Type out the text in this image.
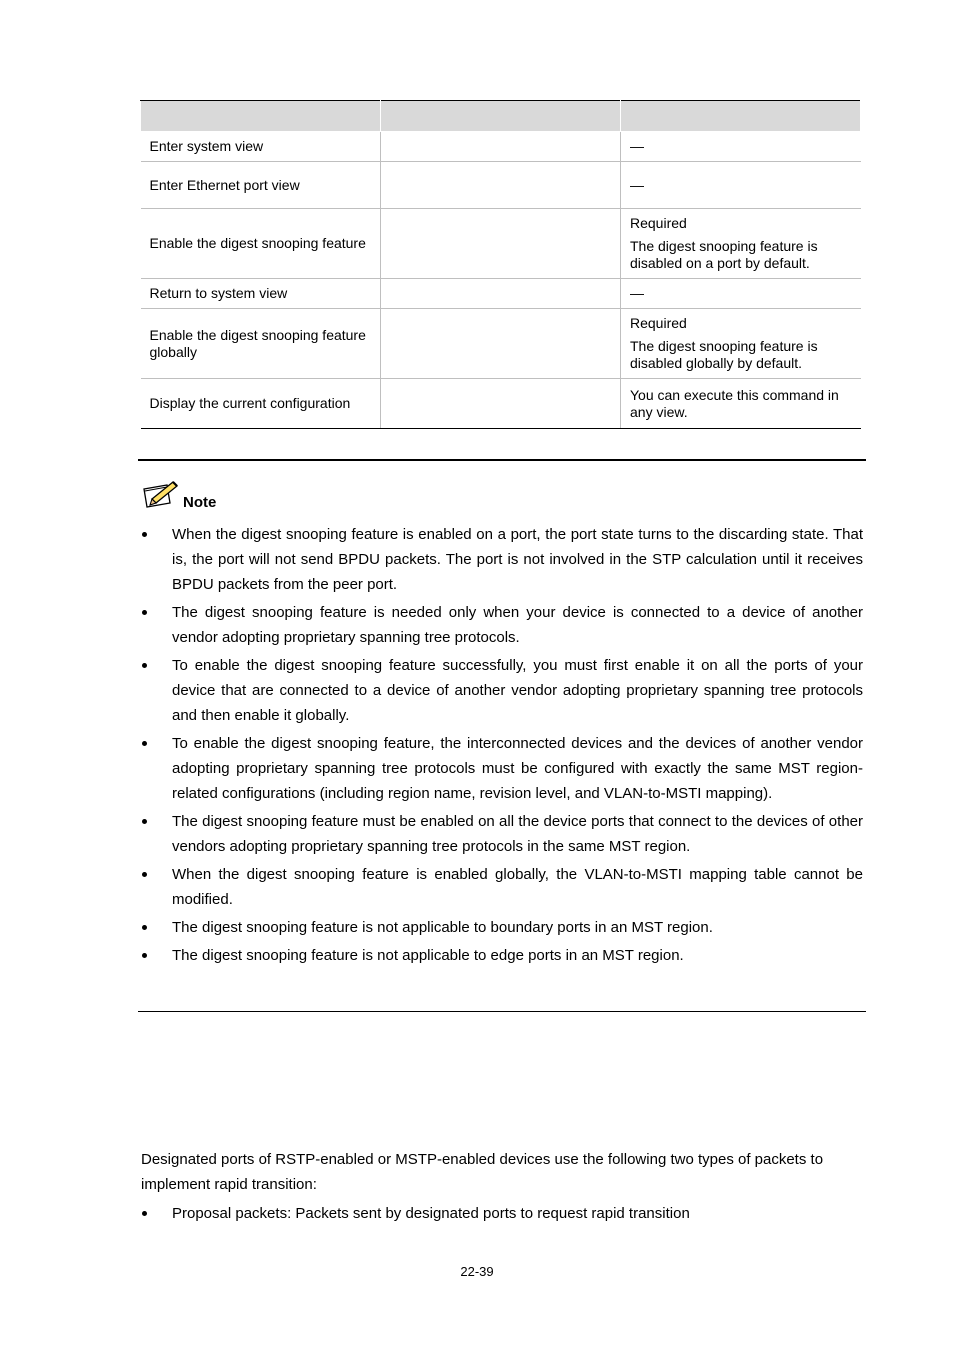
Enter system view		—

Enter Ethernet port view		—

Enable the digest snooping feature		Required

The digest snooping feature is disabled on a port by default.

Return to system view		—

Enable the digest snooping feature globally		Required

The digest snooping feature is disabled globally by default.

Display the current configuration		You can execute this command in any view.

Note
When the digest snooping feature is enabled on a port, the port state turns to the discarding state. That is, the port will not send BPDU packets. The port is not involved in the STP calculation until it receives BPDU packets from the peer port.
The digest snooping feature is needed only when your device is connected to a device of another vendor adopting proprietary spanning tree protocols.
To enable the digest snooping feature successfully, you must first enable it on all the ports of your device that are connected to a device of another vendor adopting proprietary spanning tree protocols and then enable it globally.
To enable the digest snooping feature, the interconnected devices and the devices of another vendor adopting proprietary spanning tree protocols must be configured with exactly the same MST region-related configurations (including region name, revision level, and VLAN-to-MSTI mapping).
The digest snooping feature must be enabled on all the device ports that connect to the devices of other vendors adopting proprietary spanning tree protocols in the same MST region.
When the digest snooping feature is enabled globally, the VLAN-to-MSTI mapping table cannot be modified.
The digest snooping feature is not applicable to boundary ports in an MST region.
The digest snooping feature is not applicable to edge ports in an MST region.

Designated ports of RSTP-enabled or MSTP-enabled devices use the following two types of packets to implement rapid transition:

Proposal packets: Packets sent by designated ports to request rapid transition
22-39
